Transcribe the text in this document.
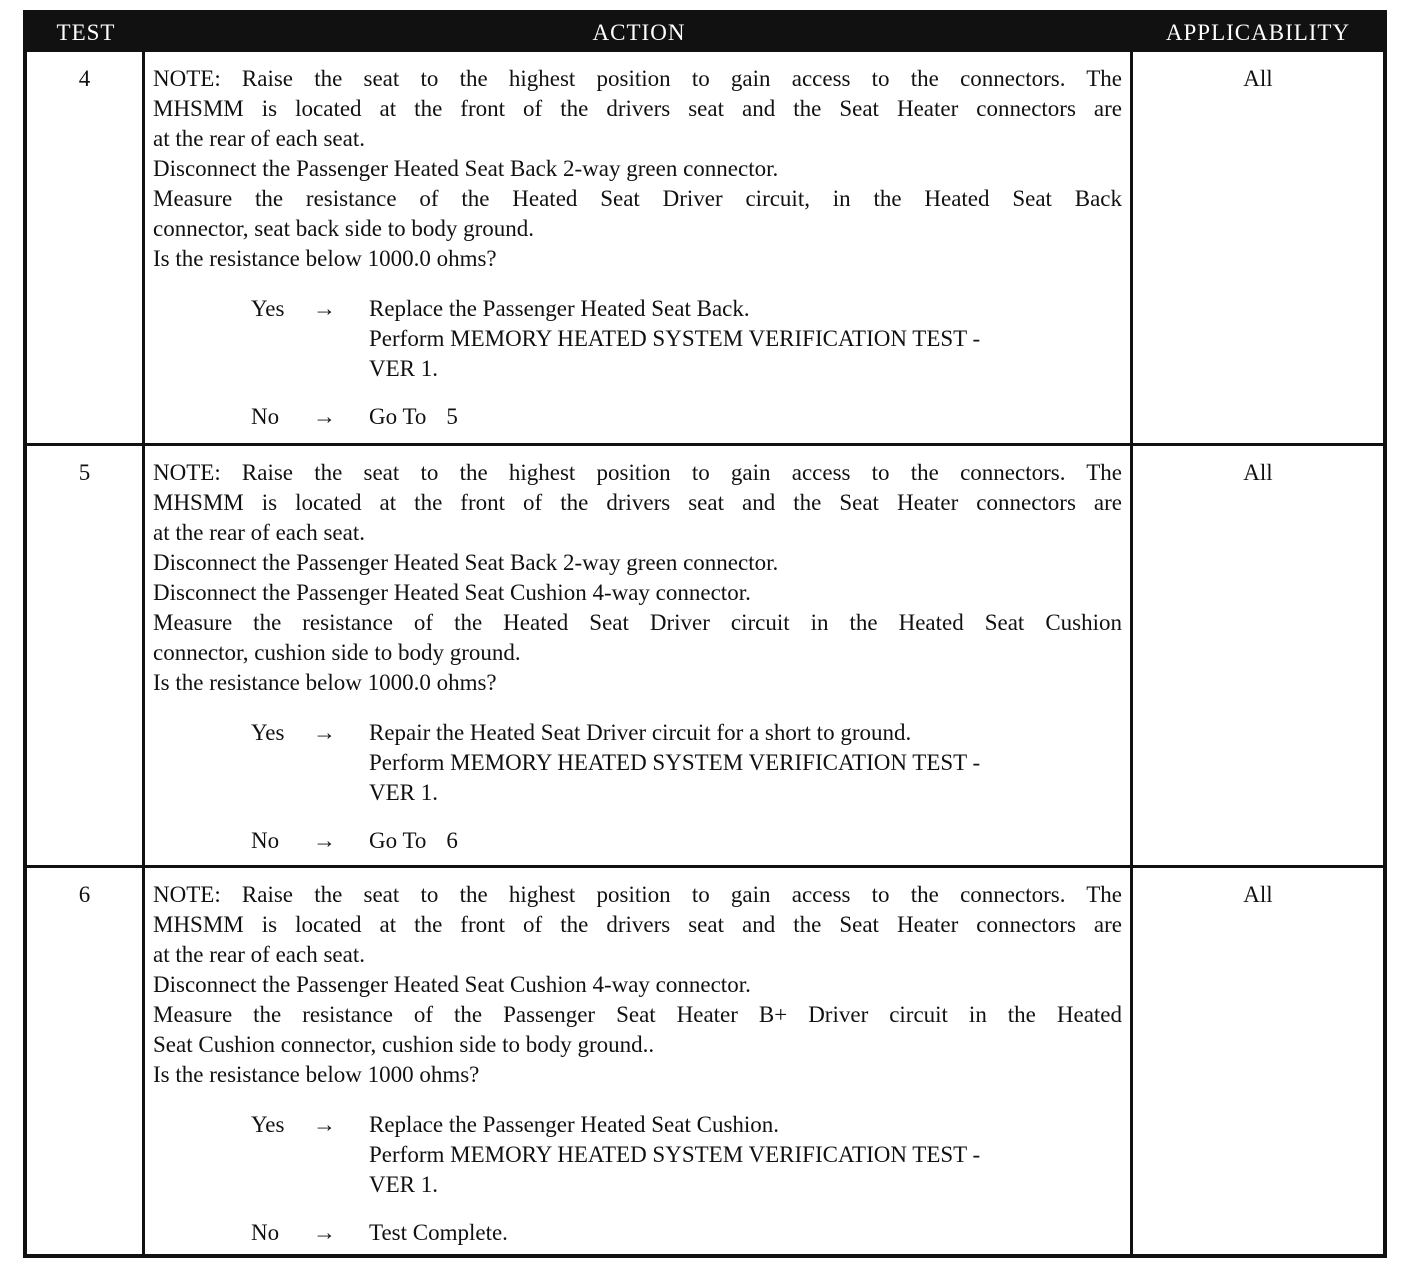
TEST	ACTION	APPLICABILITY
4	NOTE: Raise the seat to the highest position to gain access to the connectors. The
MHSMM is located at the front of the drivers seat and the Seat Heater connectors are
at the rear of each seat.
Disconnect the Passenger Heated Seat Back 2-way green connector.
Measure the resistance of the Heated Seat Driver circuit, in the Heated Seat Back
connector, seat back side to body ground.
Is the resistance below 1000.0 ohms?
Yes	→	Replace the Passenger Heated Seat Back.
Perform MEMORY HEATED SYSTEM VERIFICATION TEST -
VER 1.
No	→	Go To 5
All
5	NOTE: Raise the seat to the highest position to gain access to the connectors. The
MHSMM is located at the front of the drivers seat and the Seat Heater connectors are
at the rear of each seat.
Disconnect the Passenger Heated Seat Back 2-way green connector.
Disconnect the Passenger Heated Seat Cushion 4-way connector.
Measure the resistance of the Heated Seat Driver circuit in the Heated Seat Cushion
connector, cushion side to body ground.
Is the resistance below 1000.0 ohms?
Yes	→	Repair the Heated Seat Driver circuit for a short to ground.
Perform MEMORY HEATED SYSTEM VERIFICATION TEST -
VER 1.
No	→	Go To 6
All
6	NOTE: Raise the seat to the highest position to gain access to the connectors. The
MHSMM is located at the front of the drivers seat and the Seat Heater connectors are
at the rear of each seat.
Disconnect the Passenger Heated Seat Cushion 4-way connector.
Measure the resistance of the Passenger Seat Heater B+ Driver circuit in the Heated
Seat Cushion connector, cushion side to body ground..
Is the resistance below 1000 ohms?
Yes	→	Replace the Passenger Heated Seat Cushion.
Perform MEMORY HEATED SYSTEM VERIFICATION TEST -
VER 1.
No	→	Test Complete.
All
